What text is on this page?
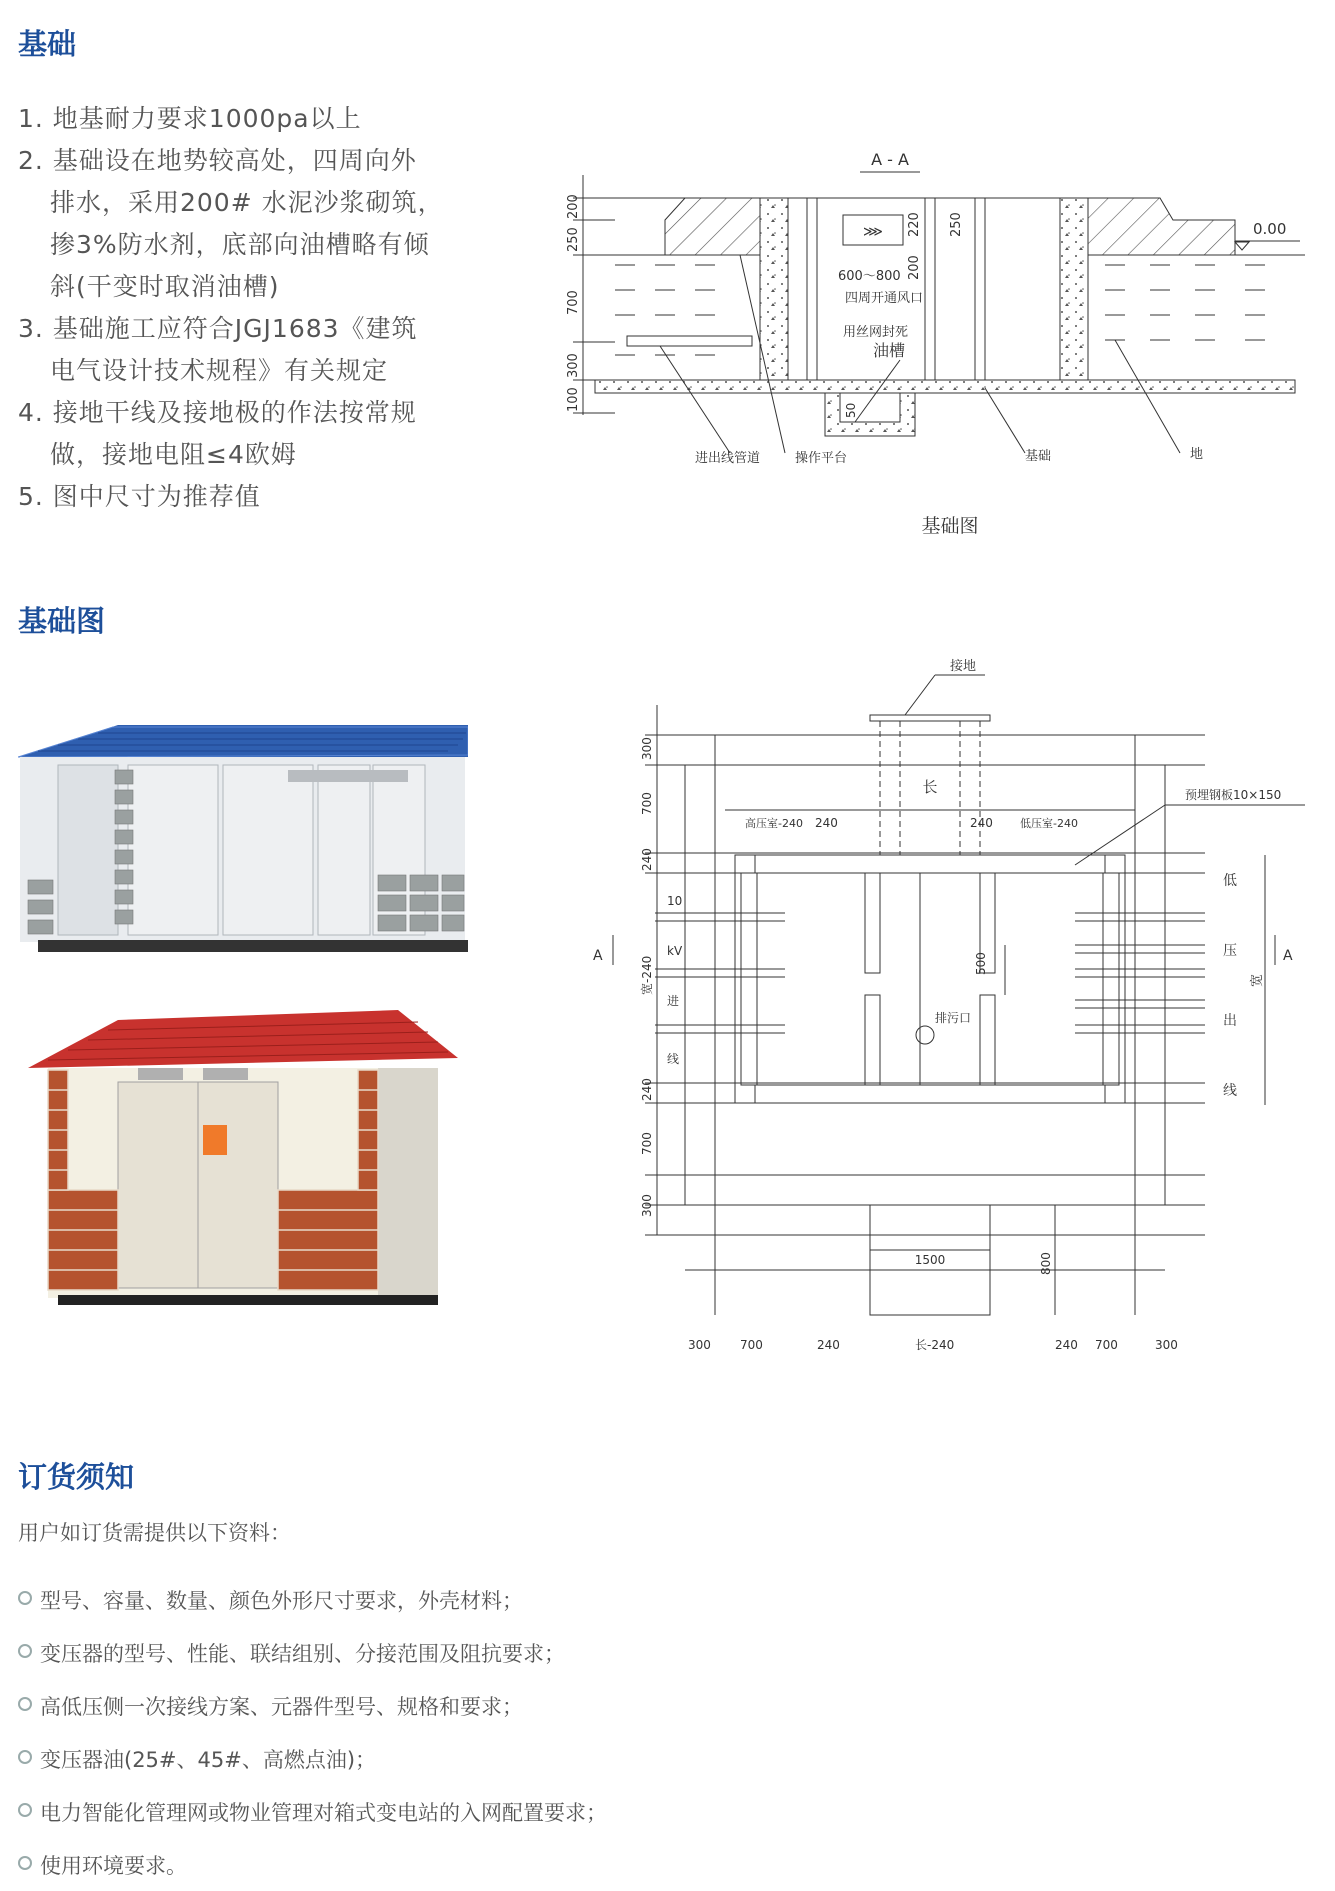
基础
1. 地基耐力要求1000pa以上
2. 基础设在地势较高处，四周向外
排水，采用200# 水泥沙浆砌筑，
掺3%防水剂，底部向油槽略有倾
斜(干变时取消油槽)
3. 基础施工应符合JGJ1683《建筑
电气设计技术规程》有关规定
4. 接地干线及接地极的作法按常规
做，接地电阻≤4欧姆
5. 图中尺寸为推荐值
A - A
200
250
700
300
100
⋙ 220
200
250
600～800
四周开通风口
用丝网封死
油槽
50
0.00
进出线管道	操作平台	基础	地
基础图
基础图
接地
长	预埋钢板10×150
高压室-240 240	240 低压室-240
300
700
240
宽-240
240
700
300
10
kV
进
线
低
压
出
线
宽
A	A
500
排污口
800
1500
300 700	240	长-240	240 700	300
订货须知
用户如订货需提供以下资料：
型号、容量、数量、颜色外形尺寸要求，外壳材料；
变压器的型号、性能、联结组别、分接范围及阻抗要求；
高低压侧一次接线方案、元器件型号、规格和要求；
变压器油(25#、45#、高燃点油)；
电力智能化管理网或物业管理对箱式变电站的入网配置要求；
使用环境要求。
